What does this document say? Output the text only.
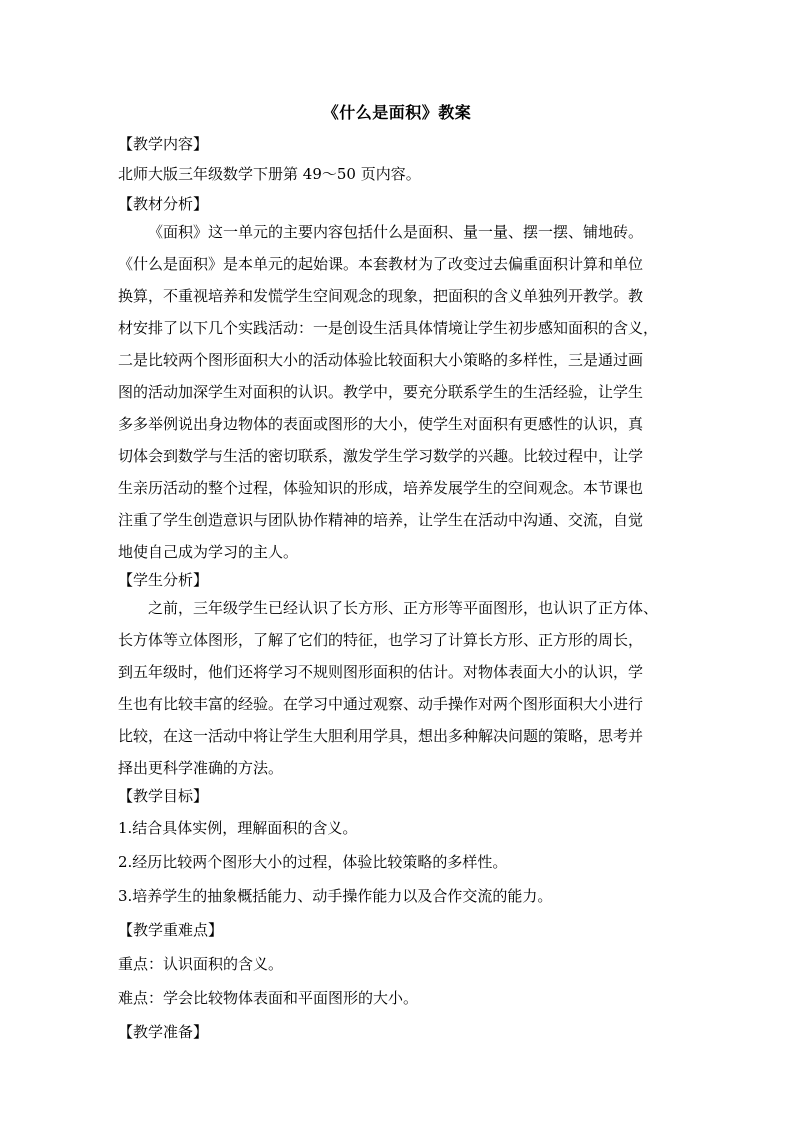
《什么是面积》教案
【教学内容】
北师大版三年级数学下册第 49～50 页内容。
【教材分析】
《面积》这一单元的主要内容包括什么是面积、量一量、摆一摆、铺地砖。
《什么是面积》是本单元的起始课。本套教材为了改变过去偏重面积计算和单位
换算，不重视培养和发慌学生空间观念的现象，把面积的含义单独列开教学。教
材安排了以下几个实践活动：一是创设生活具体情境让学生初步感知面积的含义，
二是比较两个图形面积大小的活动体验比较面积大小策略的多样性，三是通过画
图的活动加深学生对面积的认识。教学中，要充分联系学生的生活经验，让学生
多多举例说出身边物体的表面或图形的大小，使学生对面积有更感性的认识，真
切体会到数学与生活的密切联系，激发学生学习数学的兴趣。比较过程中，让学
生亲历活动的整个过程，体验知识的形成，培养发展学生的空间观念。本节课也
注重了学生创造意识与团队协作精神的培养，让学生在活动中沟通、交流，自觉
地使自己成为学习的主人。
【学生分析】
之前，三年级学生已经认识了长方形、正方形等平面图形，也认识了正方体、
长方体等立体图形，了解了它们的特征，也学习了计算长方形、正方形的周长，
到五年级时，他们还将学习不规则图形面积的估计。对物体表面大小的认识，学
生也有比较丰富的经验。在学习中通过观察、动手操作对两个图形面积大小进行
比较，在这一活动中将让学生大胆利用学具，想出多种解决问题的策略，思考并
择出更科学准确的方法。
【教学目标】
1.结合具体实例，理解面积的含义。
2.经历比较两个图形大小的过程，体验比较策略的多样性。
3.培养学生的抽象概括能力、动手操作能力以及合作交流的能力。
【教学重难点】
重点：认识面积的含义。
难点：学会比较物体表面和平面图形的大小。
【教学准备】
